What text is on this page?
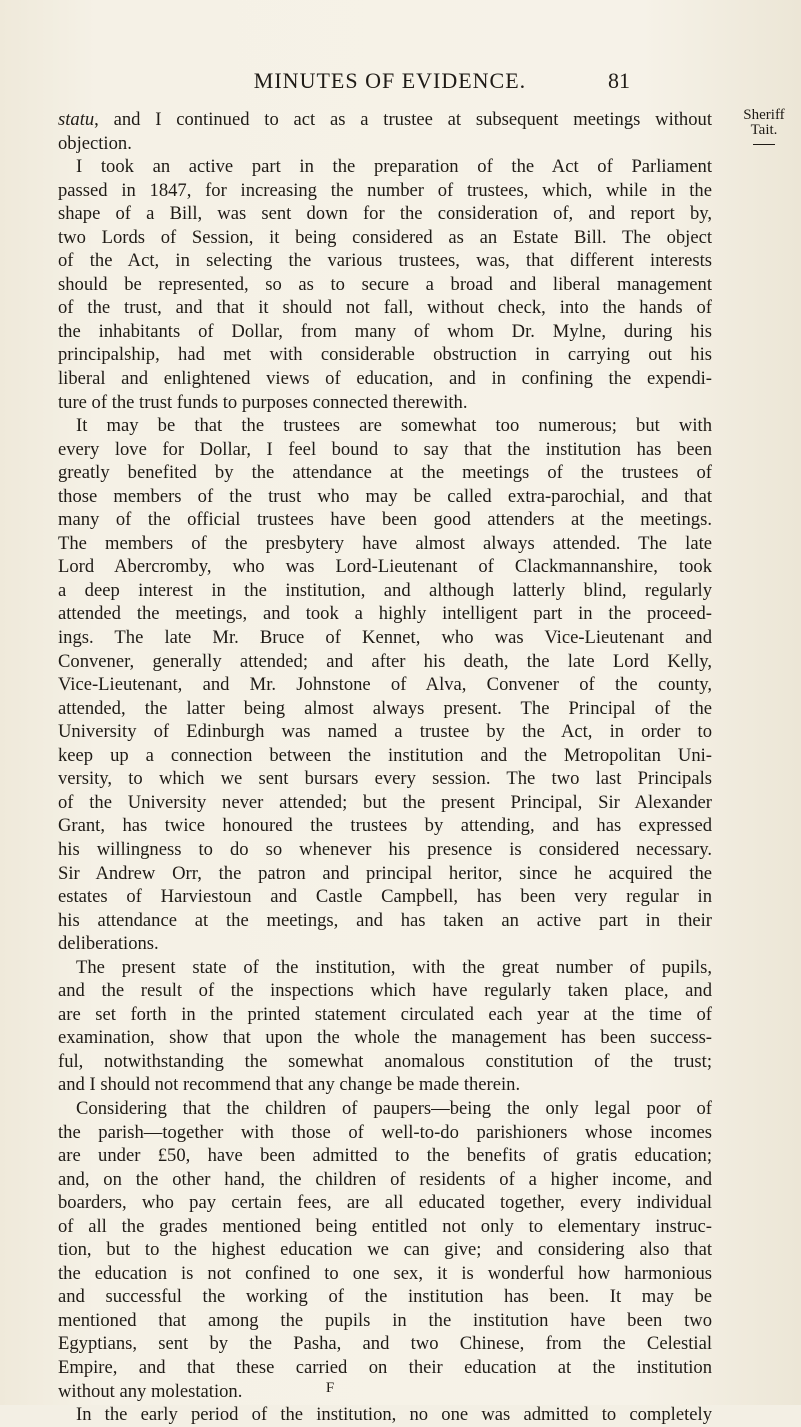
MINUTES OF EVIDENCE.	81
Sheriff
Tait.
statu, and I continued to act as a trustee at subsequent meetings without
objection.
I took an active part in the preparation of the Act of Parliament
passed in 1847, for increasing the number of trustees, which, while in the
shape of a Bill, was sent down for the consideration of, and report by,
two Lords of Session, it being considered as an Estate Bill. The object
of the Act, in selecting the various trustees, was, that different interests
should be represented, so as to secure a broad and liberal management
of the trust, and that it should not fall, without check, into the hands of
the inhabitants of Dollar, from many of whom Dr. Mylne, during his
principalship, had met with considerable obstruction in carrying out his
liberal and enlightened views of education, and in confining the expendi-
ture of the trust funds to purposes connected therewith.
It may be that the trustees are somewhat too numerous; but with
every love for Dollar, I feel bound to say that the institution has been
greatly benefited by the attendance at the meetings of the trustees of
those members of the trust who may be called extra-parochial, and that
many of the official trustees have been good attenders at the meetings.
The members of the presbytery have almost always attended. The late
Lord Abercromby, who was Lord-Lieutenant of Clackmannanshire, took
a deep interest in the institution, and although latterly blind, regularly
attended the meetings, and took a highly intelligent part in the proceed-
ings. The late Mr. Bruce of Kennet, who was Vice-Lieutenant and
Convener, generally attended; and after his death, the late Lord Kelly,
Vice-Lieutenant, and Mr. Johnstone of Alva, Convener of the county,
attended, the latter being almost always present. The Principal of the
University of Edinburgh was named a trustee by the Act, in order to
keep up a connection between the institution and the Metropolitan Uni-
versity, to which we sent bursars every session. The two last Principals
of the University never attended; but the present Principal, Sir Alexander
Grant, has twice honoured the trustees by attending, and has expressed
his willingness to do so whenever his presence is considered necessary.
Sir Andrew Orr, the patron and principal heritor, since he acquired the
estates of Harviestoun and Castle Campbell, has been very regular in
his attendance at the meetings, and has taken an active part in their
deliberations.
The present state of the institution, with the great number of pupils,
and the result of the inspections which have regularly taken place, and
are set forth in the printed statement circulated each year at the time of
examination, show that upon the whole the management has been success-
ful, notwithstanding the somewhat anomalous constitution of the trust;
and I should not recommend that any change be made therein.
Considering that the children of paupers—being the only legal poor of
the parish—together with those of well-to-do parishioners whose incomes
are under £50, have been admitted to the benefits of gratis education;
and, on the other hand, the children of residents of a higher income, and
boarders, who pay certain fees, are all educated together, every individual
of all the grades mentioned being entitled not only to elementary instruc-
tion, but to the highest education we can give; and considering also that
the education is not confined to one sex, it is wonderful how harmonious
and successful the working of the institution has been. It may be
mentioned that among the pupils in the institution have been two
Egyptians, sent by the Pasha, and two Chinese, from the Celestial
Empire, and that these carried on their education at the institution
without any molestation.
In the early period of the institution, no one was admitted to completely
F
